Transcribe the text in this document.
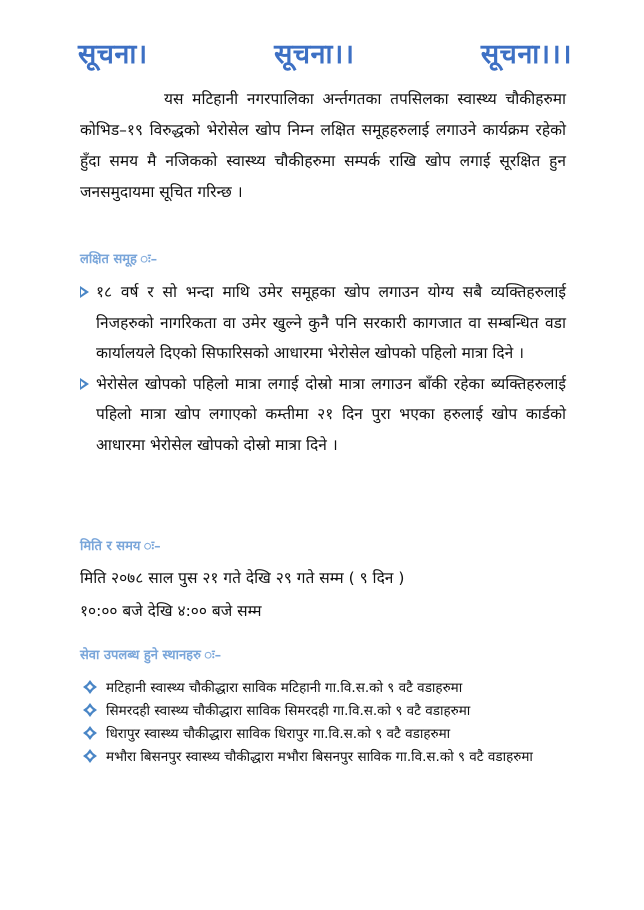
सूचना।	सूचना।।	सूचना।।।

यस मटिहानी नगरपालिका अर्न्तगतका तपसिलका स्वास्थ्य चौकीहरुमा कोभिड–१९ विरुद्धको भेरोसेल खोप निम्न लक्षित समूहहरुलाई लगाउने कार्यक्रम रहेको हुँदा समय मै नजिकको स्वास्थ्य चौकीहरुमा सम्पर्क राखि खोप लगाई सूरक्षित हुन जनसमुदायमा सूचित गरिन्छ ।

लक्षित समूह ः–
१८ वर्ष र सो भन्दा माथि उमेर समूहका खोप लगाउन योग्य सबै व्यक्तिहरुलाई निजहरुको नागरिकता वा उमेर खुल्ने कुनै पनि सरकारी कागजात वा सम्बन्धित वडा कार्यालयले दिएको सिफारिसको आधारमा भेरोसेल खोपको पहिलो मात्रा दिने ।
भेरोसेल खोपको पहिलो मात्रा लगाई दोस्रो मात्रा लगाउन बाँकी रहेका ब्यक्तिहरुलाई पहिलो मात्रा खोप लगाएको कम्तीमा २१ दिन पुरा भएका हरुलाई खोप कार्डको आधारमा भेरोसेल खोपको दोस्रो मात्रा दिने ।
मिति र समय ः–

मिति २०७८ साल पुस २१ गते देखि २९ गते सम्म ( ९ दिन )

१०:०० बजे देखि ४:०० बजे सम्म

सेवा उपलब्ध हुने स्थानहरु ः–
मटिहानी स्वास्थ्य चौकीद्धारा साविक मटिहानी गा.वि.स.को ९ वटै वडाहरुमा
सिमरदही स्वास्थ्य चौकीद्धारा साविक सिमरदही गा.वि.स.को ९ वटै वडाहरुमा
धिरापुर स्वास्थ्य चौकीद्धारा साविक धिरापुर गा.वि.स.को ९ वटै वडाहरुमा
मभौरा बिसनपुर स्वास्थ्य चौकीद्धारा मभौरा बिसनपुर साविक गा.वि.स.को ९ वटै वडाहरुमा
